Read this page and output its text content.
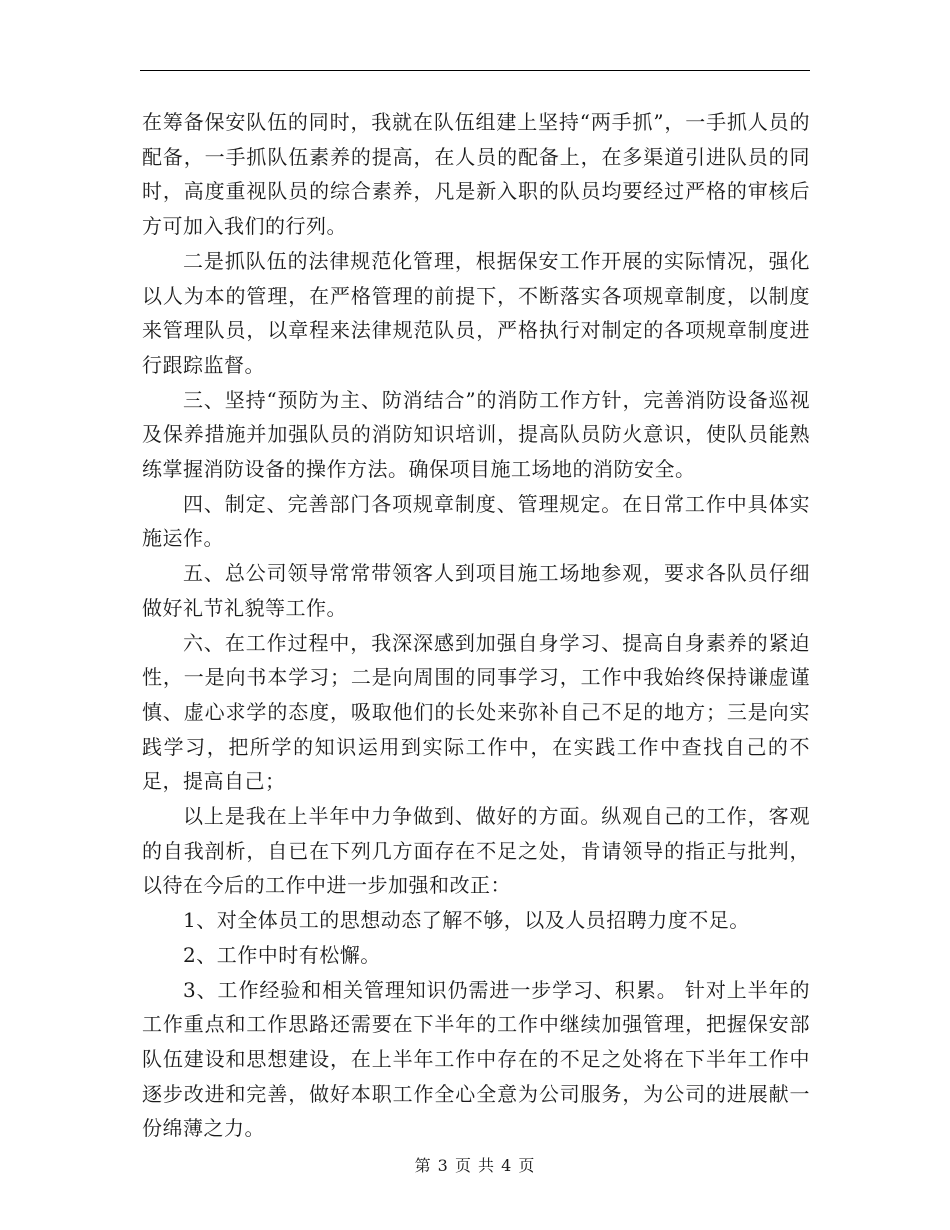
在筹备保安队伍的同时，我就在队伍组建上坚持“两手抓”，一手抓人员的配备，一手抓队伍素养的提高，在人员的配备上，在多渠道引进队员的同时，高度重视队员的综合素养，凡是新入职的队员均要经过严格的审核后方可加入我们的行列。

二是抓队伍的法律规范化管理，根据保安工作开展的实际情况，强化以人为本的管理，在严格管理的前提下，不断落实各项规章制度，以制度来管理队员，以章程来法律规范队员，严格执行对制定的各项规章制度进行跟踪监督。

三、坚持“预防为主、防消结合”的消防工作方针，完善消防设备巡视及保养措施并加强队员的消防知识培训，提高队员防火意识，使队员能熟练掌握消防设备的操作方法。确保项目施工场地的消防安全。

四、制定、完善部门各项规章制度、管理规定。在日常工作中具体实施运作。

五、总公司领导常常带领客人到项目施工场地参观，要求各队员仔细做好礼节礼貌等工作。

六、在工作过程中，我深深感到加强自身学习、提高自身素养的紧迫性，一是向书本学习；二是向周围的同事学习，工作中我始终保持谦虚谨慎、虚心求学的态度，吸取他们的长处来弥补自己不足的地方；三是向实践学习，把所学的知识运用到实际工作中，在实践工作中查找自己的不足，提高自己；

以上是我在上半年中力争做到、做好的方面。纵观自己的工作，客观的自我剖析，自已在下列几方面存在不足之处，肯请领导的指正与批判，以待在今后的工作中进一步加强和改正：

1、对全体员工的思想动态了解不够，以及人员招聘力度不足。

2、工作中时有松懈。

3、工作经验和相关管理知识仍需进一步学习、积累。 针对上半年的工作重点和工作思路还需要在下半年的工作中继续加强管理，把握保安部队伍建设和思想建设，在上半年工作中存在的不足之处将在下半年工作中逐步改进和完善，做好本职工作全心全意为公司服务，为公司的进展献一份绵薄之力。

第 3 页 共 4 页
